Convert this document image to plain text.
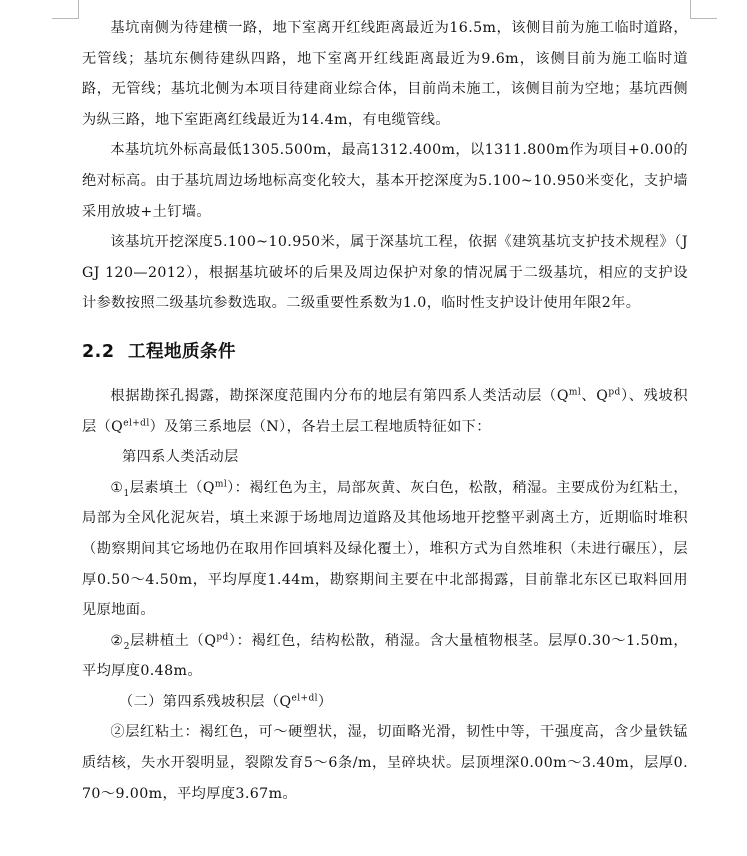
基坑南侧为待建横一路，地下室离开红线距离最近为16.5m，该侧目前为施工临时道路，无管线；基坑东侧待建纵四路，地下室离开红线距离最近为9.6m，该侧目前为施工临时道路，无管线；基坑北侧为本项目待建商业综合体，目前尚未施工，该侧目前为空地；基坑西侧为纵三路，地下室距离红线最近为14.4m，有电缆管线。

本基坑坑外标高最低1305.500m，最高1312.400m，以1311.800m作为项目+0.00的绝对标高。由于基坑周边场地标高变化较大，基本开挖深度为5.100~10.950米变化，支护墙采用放坡+土钉墙。

该基坑开挖深度5.100~10.950米，属于深基坑工程，依据《建筑基坑支护技术规程》（JGJ 120—2012），根据基坑破坏的后果及周边保护对象的情况属于二级基坑，相应的支护设计参数按照二级基坑参数选取。二级重要性系数为1.0，临时性支护设计使用年限2年。

2.2 工程地质条件

根据勘探孔揭露，勘探深度范围内分布的地层有第四系人类活动层（$Q^{ml}$、$Q^{pd}$）、残坡积层$(Q^{el+dl})$及第三系地层（N），各岩土层工程地质特征如下：

第四系人类活动层

$①_1$层素填土$(Q^{ml})$：褐红色为主，局部灰黄、灰白色，松散，稍湿。主要成份为红粘土，局部为全风化泥灰岩，填土来源于场地周边道路及其他场地开挖整平剥离土方，近期临时堆积（勘察期间其它场地仍在取用作回填料及绿化覆土），堆积方式为自然堆积（未进行碾压），层厚0.50～4.50m，平均厚度1.44m，勘察期间主要在中北部揭露，目前靠北东区已取料回用见原地面。

$②_2$层耕植土$(Q^{pd})$：褐红色，结构松散，稍湿。含大量植物根茎。层厚0.30～1.50m，平均厚度0.48m。

（二）第四系残坡积层$(Q^{el+dl})$

②层红粘土：褐红色，可～硬塑状，湿，切面略光滑，韧性中等，干强度高，含少量铁锰质结核，失水开裂明显，裂隙发育5～6条/m，呈碎块状。层顶埋深0.00m～3.40m，层厚0.70～9.00m，平均厚度3.67m。
